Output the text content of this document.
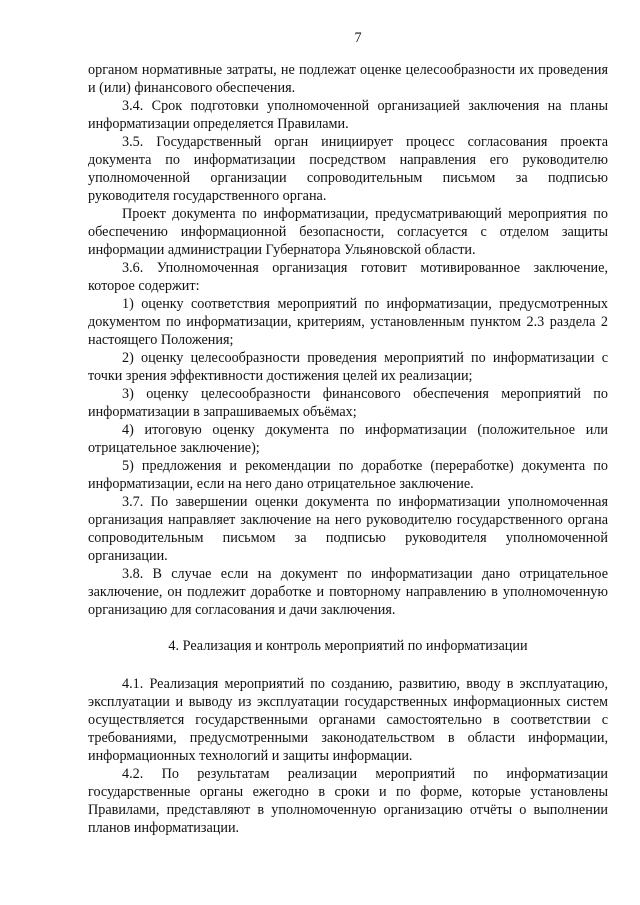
7

органом нормативные затраты, не подлежат оценке целесообразности их проведения и (или) финансового обеспечения.

3.4. Срок подготовки уполномоченной организацией заключения на планы информатизации определяется Правилами.

3.5. Государственный орган инициирует процесс согласования проекта документа по информатизации посредством направления его руководителю уполномоченной организации сопроводительным письмом за подписью руководителя государственного органа.

Проект документа по информатизации, предусматривающий мероприятия по обеспечению информационной безопасности, согласуется с отделом защиты информации администрации Губернатора Ульяновской области.

3.6. Уполномоченная организация готовит мотивированное заключение, которое содержит:

1) оценку соответствия мероприятий по информатизации, предусмотренных документом по информатизации, критериям, установленным пунктом 2.3 раздела 2 настоящего Положения;

2) оценку целесообразности проведения мероприятий по информатизации с точки зрения эффективности достижения целей их реализации;

3) оценку целесообразности финансового обеспечения мероприятий по информатизации в запрашиваемых объёмах;

4) итоговую оценку документа по информатизации (положительное или отрицательное заключение);

5) предложения и рекомендации по доработке (переработке) документа по информатизации, если на него дано отрицательное заключение.

3.7. По завершении оценки документа по информатизации уполномоченная организация направляет заключение на него руководителю государственного органа сопроводительным письмом за подписью руководителя уполномоченной организации.

3.8. В случае если на документ по информатизации дано отрицательное заключение, он подлежит доработке и повторному направлению в уполномоченную организацию для согласования и дачи заключения.

4. Реализация и контроль мероприятий по информатизации

4.1. Реализация мероприятий по созданию, развитию, вводу в эксплуатацию, эксплуатации и выводу из эксплуатации государственных информационных систем осуществляется государственными органами самостоятельно в соответствии с требованиями, предусмотренными законодательством в области информации, информационных технологий и защиты информации.

4.2. По результатам реализации мероприятий по информатизации государственные органы ежегодно в сроки и по форме, которые установлены Правилами, представляют в уполномоченную организацию отчёты о выполнении планов информатизации.
